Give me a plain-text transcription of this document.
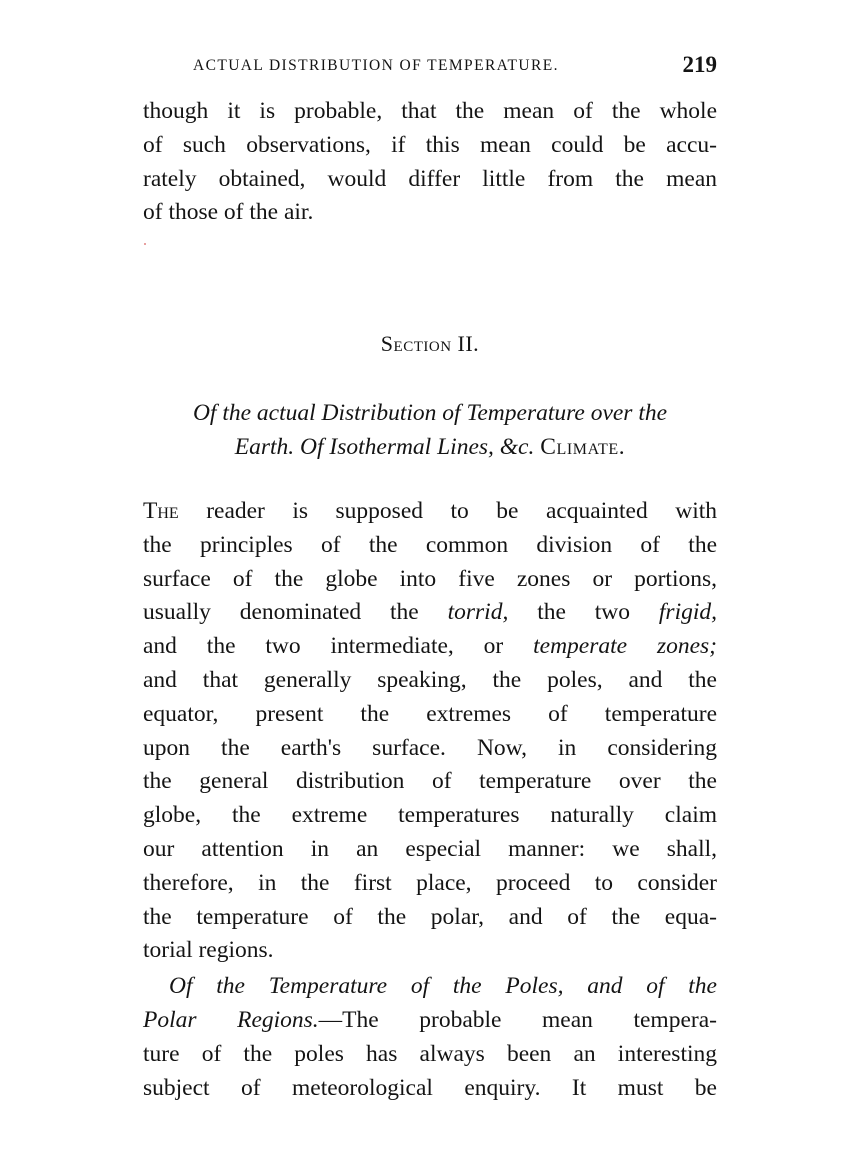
ACTUAL DISTRIBUTION OF TEMPERATURE.	219
though it is probable, that the mean of the whole
of such observations, if this mean could be accu-
rately obtained, would differ little from the mean
of those of the air.
Section II.
Of the actual Distribution of Temperature over the
Earth. Of Isothermal Lines, &c. Climate.
The reader is supposed to be acquainted with
the principles of the common division of the
surface of the globe into five zones or portions,
usually denominated the torrid, the two frigid,
and the two intermediate, or temperate zones;
and that generally speaking, the poles, and the
equator, present the extremes of temperature
upon the earth's surface. Now, in considering
the general distribution of temperature over the
globe, the extreme temperatures naturally claim
our attention in an especial manner: we shall,
therefore, in the first place, proceed to consider
the temperature of the polar, and of the equa-
torial regions.
Of the Temperature of the Poles, and of the
Polar Regions.—The probable mean tempera-
ture of the poles has always been an interesting
subject of meteorological enquiry. It must be
